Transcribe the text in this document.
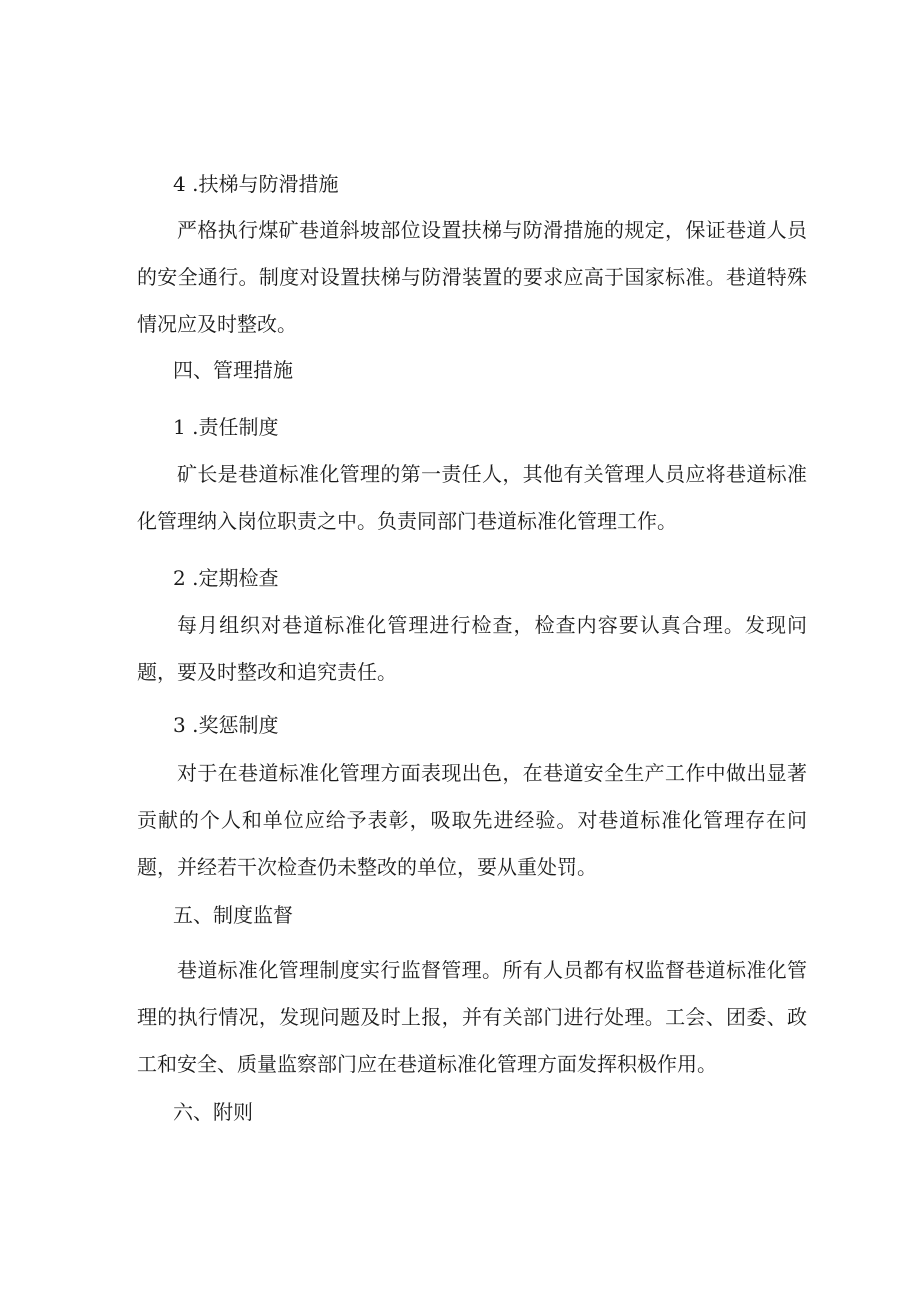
4 .扶梯与防滑措施
严格执行煤矿巷道斜坡部位设置扶梯与防滑措施的规定，保证巷道人员的安全通行。制度对设置扶梯与防滑装置的要求应高于国家标准。巷道特殊情况应及时整改。
四、管理措施
1 .责任制度
矿长是巷道标准化管理的第一责任人，其他有关管理人员应将巷道标准化管理纳入岗位职责之中。负责同部门巷道标准化管理工作。
2 .定期检查
每月组织对巷道标准化管理进行检查，检查内容要认真合理。发现问题，要及时整改和追究责任。
3 .奖惩制度
对于在巷道标准化管理方面表现出色，在巷道安全生产工作中做出显著贡献的个人和单位应给予表彰，吸取先进经验。对巷道标准化管理存在问题，并经若干次检查仍未整改的单位，要从重处罚。
五、制度监督
巷道标准化管理制度实行监督管理。所有人员都有权监督巷道标准化管理的执行情况，发现问题及时上报，并有关部门进行处理。工会、团委、政工和安全、质量监察部门应在巷道标准化管理方面发挥积极作用。
六、附则
